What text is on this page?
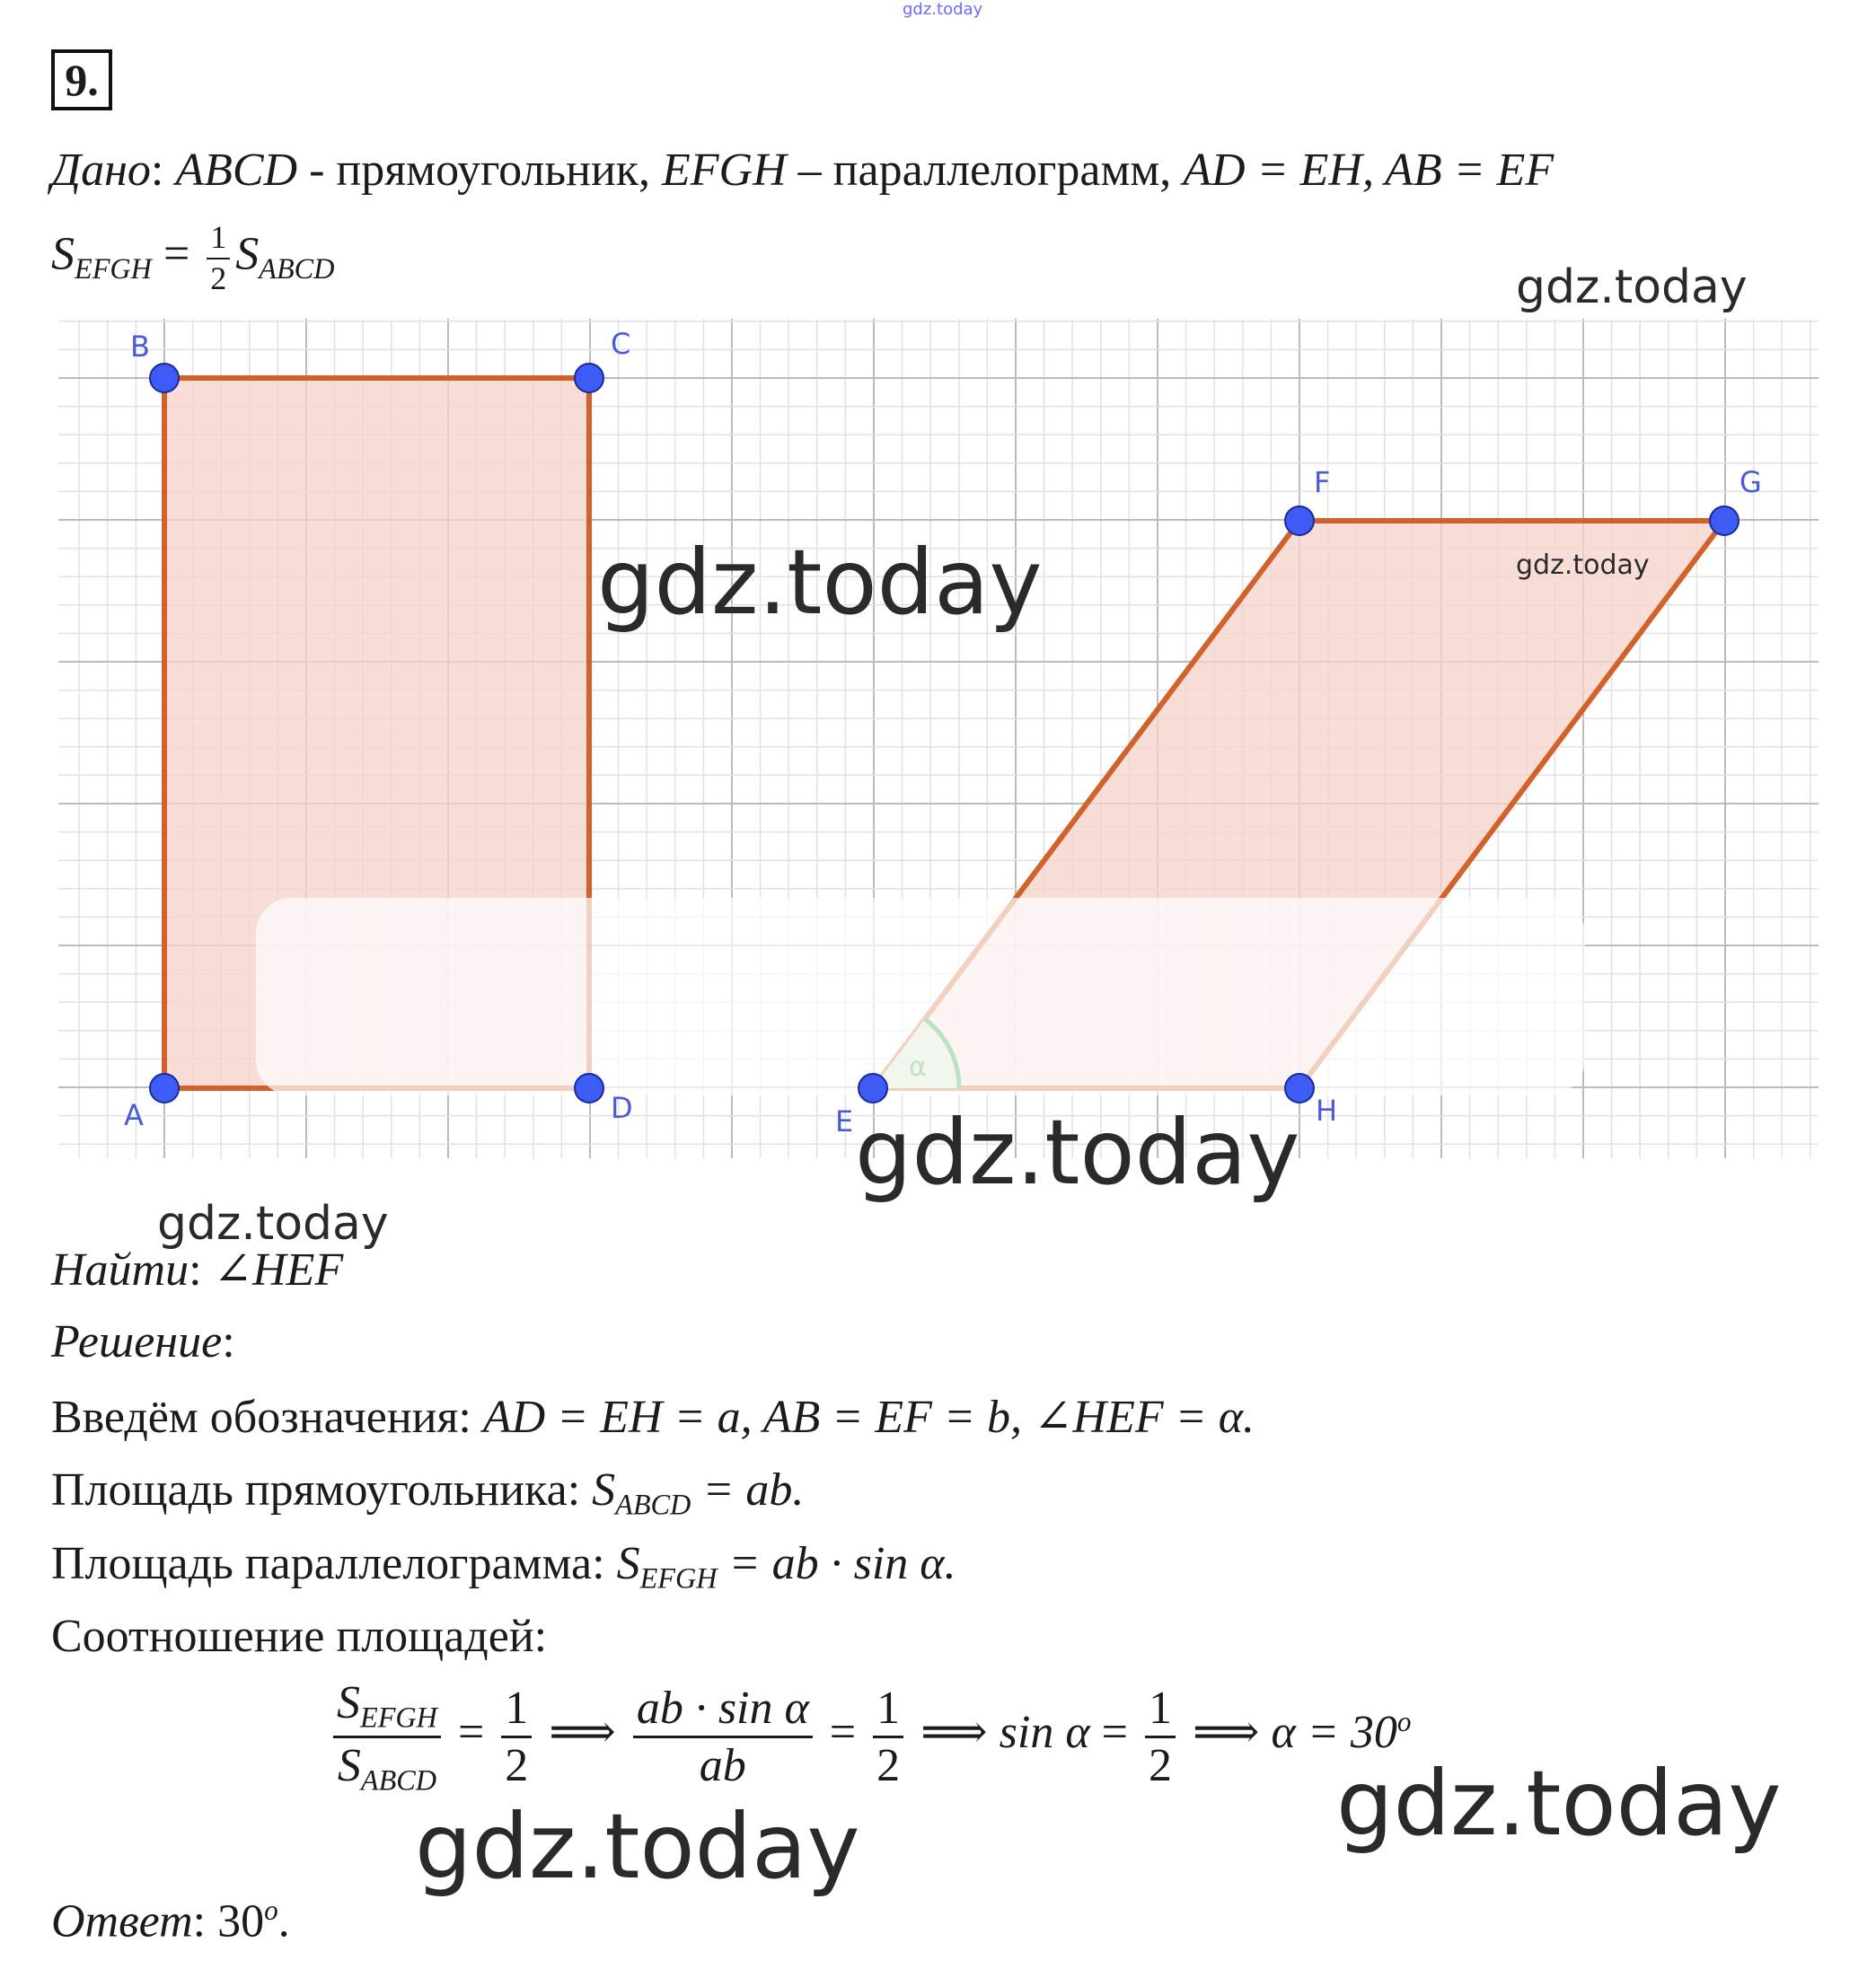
gdz.today
9.
Дано: ABCD - прямоугольник, EFGH – параллелограмм, AD = EH, AB = EF
$S_{EFGH} = \frac{1}{2} S_{ABCD}$
B	C
A	D	E
F	G
H
gdz.today
gdz.today	gdz.today
gdz.today
gdz.today
Найти: ∠HEF
Решение:
Введём обозначения: AD = EH = a, AB = EF = b, ∠HEF = α.
Площадь прямоугольника: $S_{ABCD}$ = ab.
Площадь параллелограмма: $S_{EFGH}$ = ab · sin α.
Соотношение площадей:
$\frac{S_{EFGH}}{S_{ABCD}} = \frac{1}{2}$ ⟹ $\frac{\text{ab · sin α}}{ab} = \frac{1}{2}$ ⟹ $\sin \alpha = \frac{1}{2}$ ⟹ $\alpha = 30^o$
gdz.today
gdz.today
Ответ: 30$^o$.
